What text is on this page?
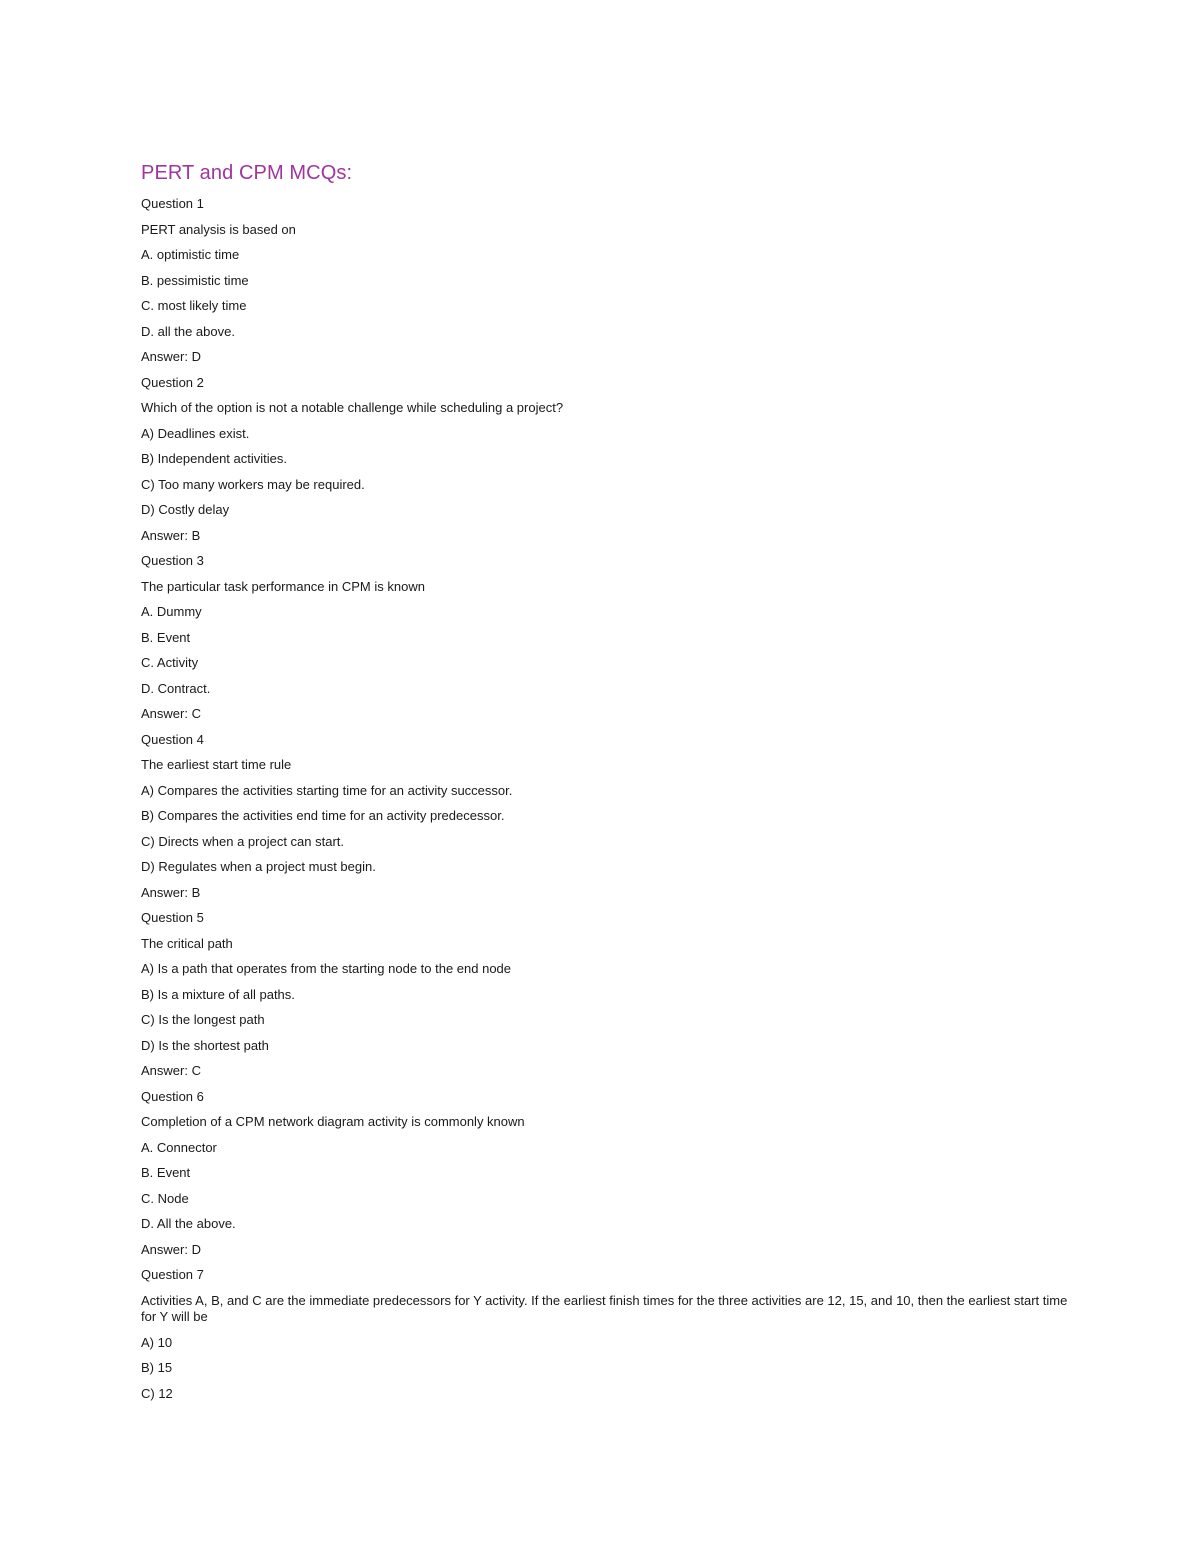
PERT and CPM MCQs:

Question 1

PERT analysis is based on

A. optimistic time

B. pessimistic time

C. most likely time

D. all the above.

Answer: D

Question 2

Which of the option is not a notable challenge while scheduling a project?

A) Deadlines exist.

B) Independent activities.

C) Too many workers may be required.

D) Costly delay

Answer: B

Question 3

The particular task performance in CPM is known

A. Dummy

B. Event

C. Activity

D. Contract.

Answer: C

Question 4

The earliest start time rule

A) Compares the activities starting time for an activity successor.

B) Compares the activities end time for an activity predecessor.

C) Directs when a project can start.

D) Regulates when a project must begin.

Answer: B

Question 5

The critical path

A) Is a path that operates from the starting node to the end node

B) Is a mixture of all paths.

C) Is the longest path

D) Is the shortest path

Answer: C

Question 6

Completion of a CPM network diagram activity is commonly known

A. Connector

B. Event

C. Node

D. All the above.

Answer: D

Question 7

Activities A, B, and C are the immediate predecessors for Y activity. If the earliest finish times for the three activities are 12, 15, and 10, then the earliest start time for Y will be

A) 10

B) 15

C) 12
